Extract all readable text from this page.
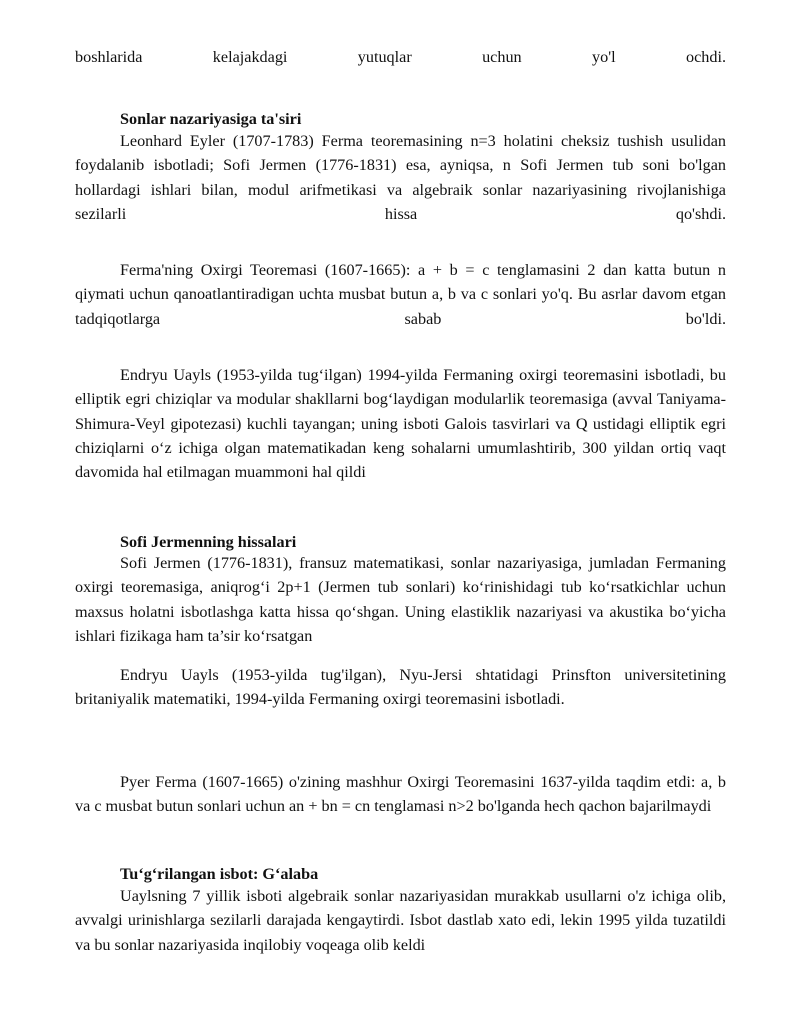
boshlarida kelajakdagi yutuqlar uchun yo'l ochdi.
Sonlar nazariyasiga ta'siri
Leonhard Eyler (1707-1783) Ferma teoremasining n=3 holatini cheksiz tushish usulidan foydalanib isbotladi; Sofi Jermen (1776-1831) esa, ayniqsa, n Sofi Jermen tub soni bo'lgan hollardagi ishlari bilan, modul arifmetikasi va algebraik sonlar nazariyasining rivojlanishiga sezilarli hissa qo'shdi.
Ferma'ning Oxirgi Teoremasi (1607-1665): a + b = c tenglamasini 2 dan katta butun n qiymati uchun qanoatlantiradigan uchta musbat butun a, b va c sonlari yo'q. Bu asrlar davom etgan tadqiqotlarga sabab bo'ldi.
Endryu Uayls (1953-yilda tug‘ilgan) 1994-yilda Fermaning oxirgi teoremasini isbotladi, bu elliptik egri chiziqlar va modular shakllarni bog‘laydigan modularlik teoremasiga (avval Taniyama-Shimura-Veyl gipotezasi) kuchli tayangan; uning isboti Galois tasvirlari va Q ustidagi elliptik egri chiziqlarni o‘z ichiga olgan matematikadan keng sohalarni umumlashtirib, 300 yildan ortiq vaqt davomida hal etilmagan muammoni hal qildi
Sofi Jermenning hissalari
Sofi Jermen (1776-1831), fransuz matematikasi, sonlar nazariyasiga, jumladan Fermaning oxirgi teoremasiga, aniqrog‘i 2p+1 (Jermen tub sonlari) ko‘rinishidagi tub ko‘rsatkichlar uchun maxsus holatni isbotlashga katta hissa qo‘shgan. Uning elastiklik nazariyasi va akustika bo‘yicha ishlari fizikaga ham ta’sir ko‘rsatgan
Endryu Uayls (1953-yilda tug'ilgan), Nyu-Jersi shtatidagi Prinsfton universitetining britaniyalik matematiki, 1994-yilda Fermaning oxirgi teoremasini isbotladi.
Pyer Ferma (1607-1665) o'zining mashhur Oxirgi Teoremasini 1637-yilda taqdim etdi: a, b va c musbat butun sonlari uchun an + bn = cn tenglamasi n>2 bo'lganda hech qachon bajarilmaydi
Tu‘g‘rilangan isbot: G‘alaba
Uaylsning 7 yillik isboti algebraik sonlar nazariyasidan murakkab usullarni o'z ichiga olib, avvalgi urinishlarga sezilarli darajada kengaytirdi. Isbot dastlab xato edi, lekin 1995 yilda tuzatildi va bu sonlar nazariyasida inqilobiy voqeaga olib keldi
